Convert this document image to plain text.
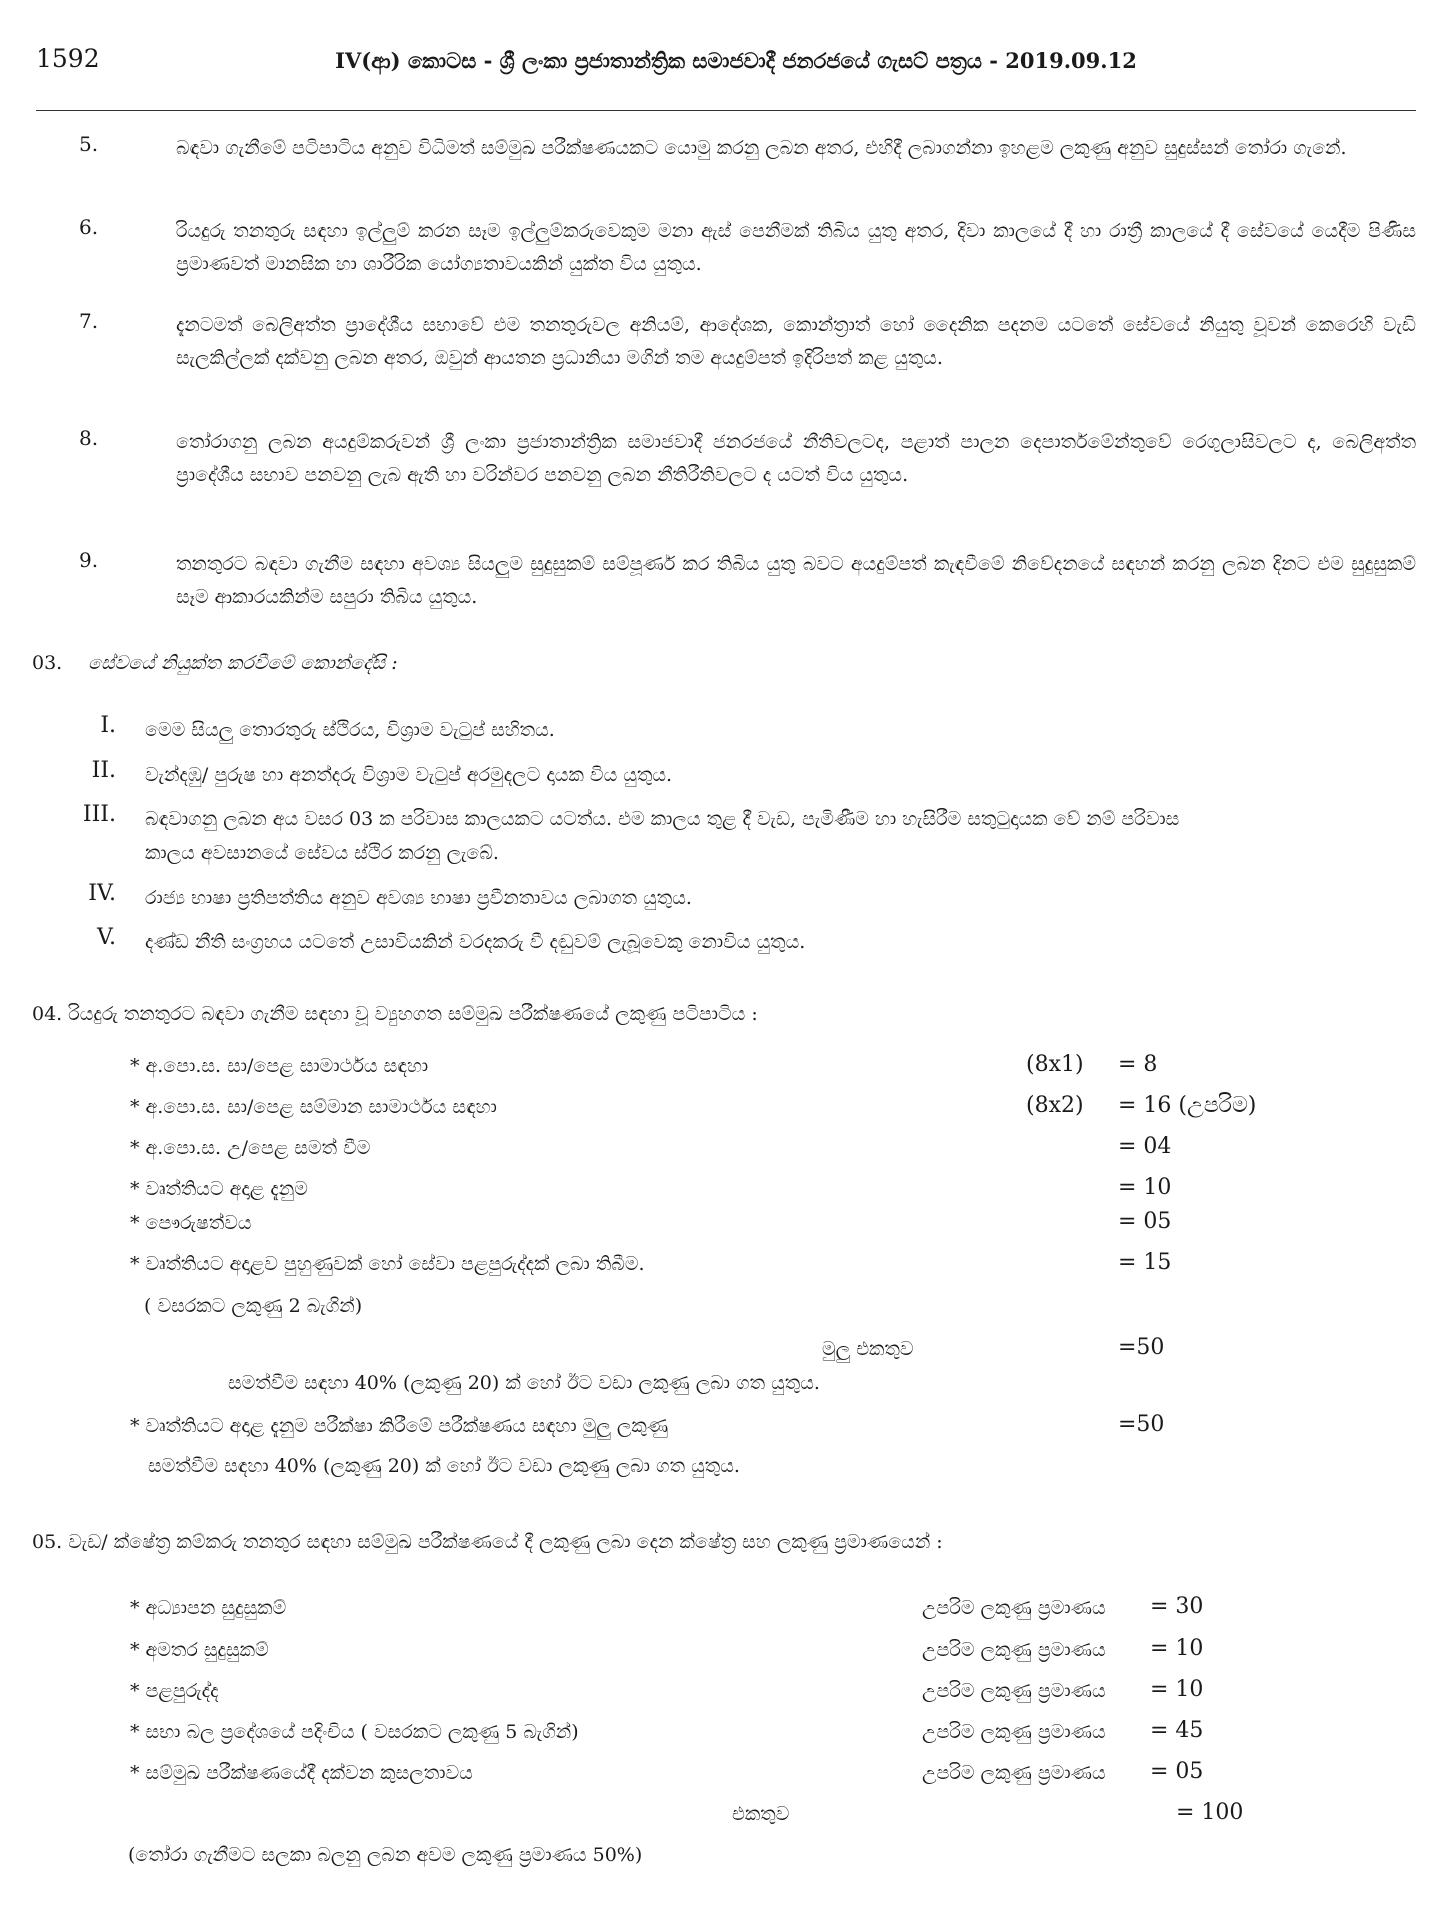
1592	IV(ආ) කොටස - ශ්‍රී ලංකා ප්‍රජාතාන්ත්‍රික සමාජවාදී ජනරජයේ ගැසට් පත්‍රය - 2019.09.12
5.	බඳවා ගැනීමේ පටිපාටිය අනුව විධිමත් සම්මුඛ පරීක්ෂණයකට යොමු කරනු ලබන අතර, එහිදී ලබාගන්නා ඉහළම ලකුණු අනුව සුදුස්සන් තෝරා ගැනේ.
6.	රියදුරු තනතුරු සඳහා ඉල්ලුම් කරන සෑම ඉල්ලුම්කරුවෙකුම මනා ඇස් පෙනීමක් තිබිය යුතු අතර, දිවා කාලයේ දී හා රාත්‍රී කාලයේ දී සේවයේ යෙදීම පිණිස ප්‍රමාණවත් මානසික හා ශාරීරික යෝග්‍යතාවයකින් යුක්ත විය යුතුය.
7.	දැනටමත් බෙලිඅත්ත ප්‍රාදේශීය සභාවේ එම තනතුරුවල අනියම්, ආදේශක, කොන්ත්‍රාත් හෝ දෛනික පදනම යටතේ සේවයේ නියුතු වූවන් කෙරෙහි වැඩි සැලකිල්ලක් දක්වනු ලබන අතර, ඔවුන් ආයතන ප්‍රධානියා මගින් තම අයදුම්පත් ඉදිරිපත් කළ යුතුය.
8.	තෝරාගනු ලබන අයදුම්කරුවන් ශ්‍රී ලංකා ප්‍රජාතාන්ත්‍රික සමාජවාදී ජනරජයේ නීතිවලටද, පළාත් පාලන දෙපාර්තමේන්තුවේ රෙගුලාසිවලට ද, බෙලිඅත්ත ප්‍රාදේශීය සභාව පනවනු ලැබ ඇති හා වරින්වර පනවනු ලබන නීතිරීතිවලට ද යටත් විය යුතුය.
9.	තනතුරට බඳවා ගැනීම සඳහා අවශ්‍ය සියලුම සුදුසුකම් සම්පූර්ණ කර තිබිය යුතු බවට අයදුම්පත් කැඳවීමේ නිවේදනයේ සඳහන් කරනු ලබන දිනට එම සුදුසුකම් සෑම ආකාරයකින්ම සපුරා තිබිය යුතුය.
03. සේවයේ නියුක්ත කරවීමේ කොන්දේසි :
I. මෙම සියලු තොරතුරු ස්ථිරය, විශ්‍රාම වැටුප් සහිතය.
II. වැන්දඹු/ පුරුෂ හා අනත්දරු විශ්‍රාම වැටුප් අරමුදලට දායක විය යුතුය.
III. බඳවාගනු ලබන අය වසර 03 ක පරිවාස කාලයකට යටත්ය. එම කාලය තුළ දී වැඩ, පැමිණීම හා හැසිරීම සතුටුදායක වේ නම් පරිවාස කාලය අවසානයේ සේවය ස්ථිර කරනු ලැබේ.
IV. රාජ්‍ය භාෂා ප්‍රතිපත්තිය අනුව අවශ්‍ය භාෂා ප්‍රවීනතාවය ලබාගත යුතුය.
V. දණ්ඩ නීති සංග්‍රහය යටතේ උසාවියකින් වරදකරු වී දඬුවම් ලැබූවෙකු නොවිය යුතුය.
04. රියදුරු තනතුරට බඳවා ගැනීම සඳහා වූ ව්‍යුහගත සම්මුඛ පරීක්ෂණයේ ලකුණු පටිපාටිය :
* අ.පො.ස. සා/පෙළ සාමාර්ථය සඳහා	(8x1) = 8
* අ.පො.ස. සා/පෙළ සම්මාන සාමාර්ථය සඳහා	(8x2) = 16 (උපරිම)
* අ.පො.ස. උ/පෙළ සමත් වීම	= 04
* වෘත්තියට අදාළ දැනුම	= 10
* පෞරුෂත්වය	= 05
* වෘත්තියට අදාළව පුහුණුවක් හෝ සේවා පළපුරුද්දක් ලබා තිබීම.	= 15
( වසරකට ලකුණු 2 බැගින්)
මුලු එකතුව	=50
සමත්වීම සඳහා 40% (ලකුණු 20) ක් හෝ ඊට වඩා ලකුණු ලබා ගත යුතුය.
* වෘත්තියට අදාළ දැනුම පරීක්ෂා කිරීමේ පරීක්ෂණය සඳහා මුලු ලකුණු	=50
සමත්වීම සඳහා 40% (ලකුණු 20) ක් හෝ ඊට වඩා ලකුණු ලබා ගත යුතුය.
05. වැඩ/ ක්ෂේත්‍ර කම්කරු තනතුර සඳහා සම්මුඛ පරීක්ෂණයේ දී ලකුණු ලබා දෙන ක්ෂේත්‍ර සහ ලකුණු ප්‍රමාණයෙන් :
* අධ්‍යාපන සුදුසුකම්	උපරිම ලකුණු ප්‍රමාණය = 30
* අමතර සුදුසුකම්	උපරිම ලකුණු ප්‍රමාණය = 10
* පළපුරුද්ද	උපරිම ලකුණු ප්‍රමාණය = 10
* සභා බල ප්‍රදේශයේ පදිංචිය ( වසරකට ලකුණු 5 බැගින්)	උපරිම ලකුණු ප්‍රමාණය = 45
* සම්මුඛ පරීක්ෂණයේදී දක්වන කුසලතාවය	උපරිම ලකුණු ප්‍රමාණය = 05
එකතුව	= 100
(තෝරා ගැනීමට සලකා බලනු ලබන අවම ලකුණු ප්‍රමාණය 50%)
